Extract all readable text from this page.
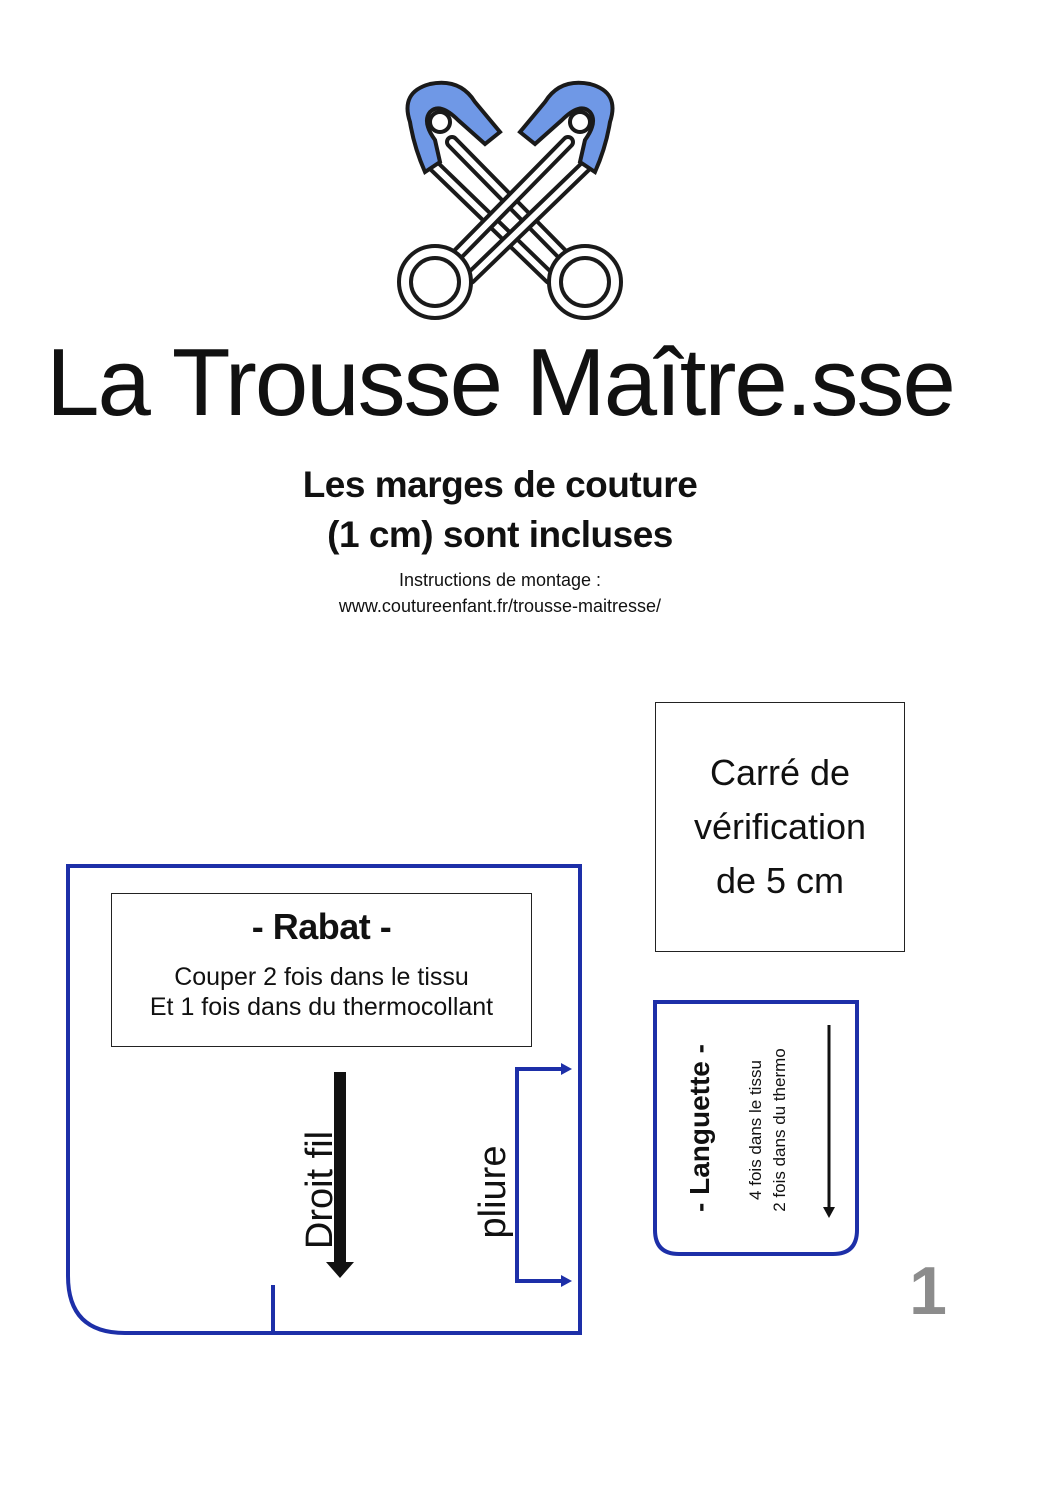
La Trousse Maître.sse
Les marges de couture
(1 cm) sont incluses
Instructions de montage :
www.coutureenfant.fr/trousse-maitresse/
Carré de
vérification
de 5 cm
- Rabat -
Couper 2 fois dans le tissu
Et 1 fois dans du thermocollant
Droit fil	pliure	- Languette - 4 fois dans le tissu 2 fois dans du thermo
1
